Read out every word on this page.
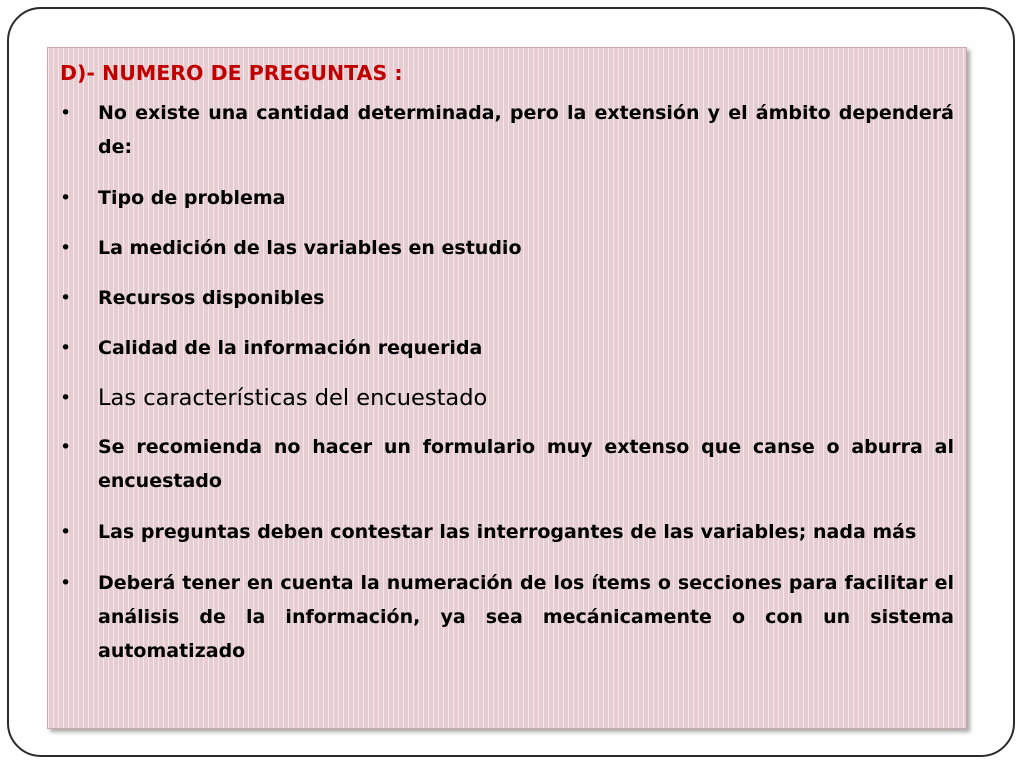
D)- NUMERO DE PREGUNTAS :
• No existe una cantidad determinada, pero la extensión y el ámbito dependerá de:
• Tipo de problema
• La medición de las variables en estudio
• Recursos disponibles
• Calidad de la información requerida
• Las características del encuestado
• Se recomienda no hacer un formulario muy extenso que canse o aburra al encuestado
• Las preguntas deben contestar las interrogantes de las variables; nada más
• Deberá tener en cuenta la numeración de los ítems o secciones para facilitar el análisis de la información, ya sea mecánicamente o con un sistema automatizado
